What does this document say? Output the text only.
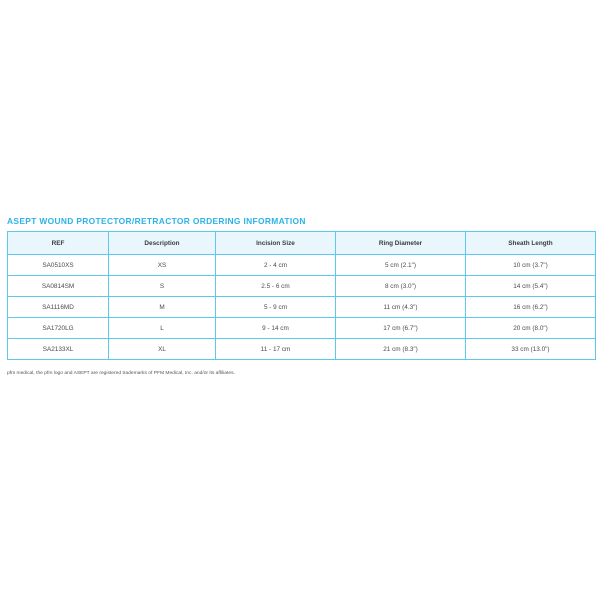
ASEPT WOUND PROTECTOR/RETRACTOR ORDERING INFORMATION
REF	Description	Incision Size	Ring Diameter	Sheath Length
SA0510XS	XS	2 - 4 cm	5 cm (2.1")	10 cm (3.7")
SA0814SM	S	2.5 - 6 cm	8 cm (3.0")	14 cm (5.4")
SA1116MD	M	5 - 9 cm	11 cm (4.3")	16 cm (6.2")
SA1720LG	L	9 - 14 cm	17 cm (6.7")	20 cm (8.0")
SA2133XL	XL	11 - 17 cm	21 cm (8.3")	33 cm (13.0")
pfm medical, the pfm logo and ASEPT are registered trademarks of PFM Medical, Inc. and/or its affiliates.
